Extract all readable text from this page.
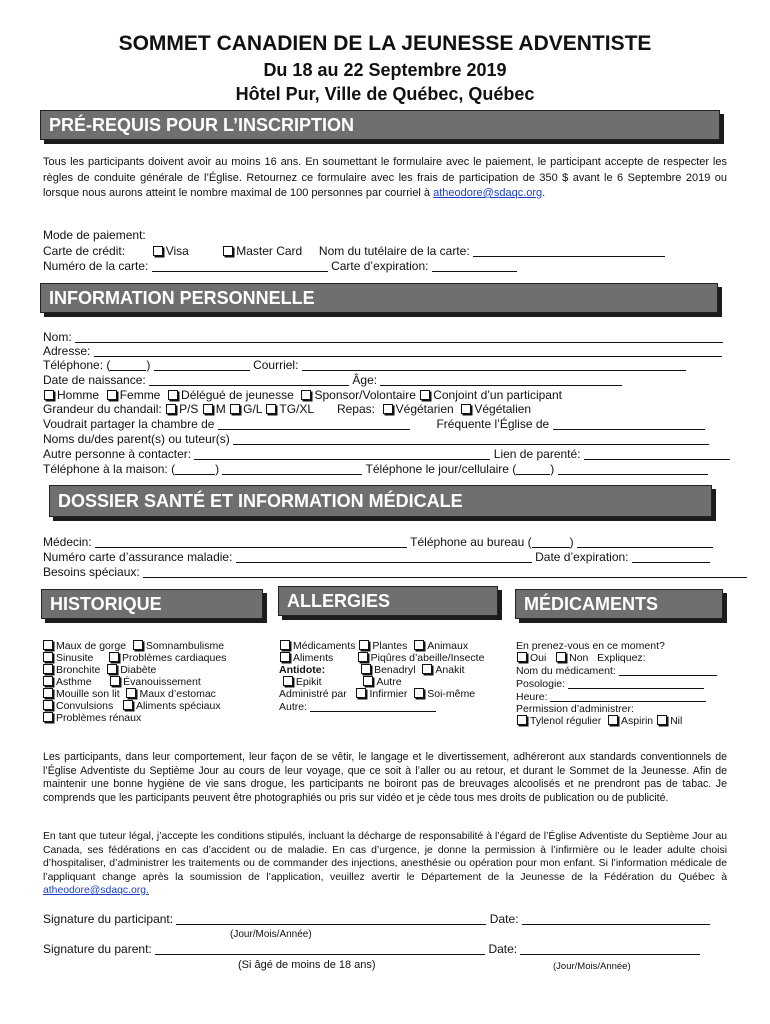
SOMMET CANADIEN DE LA JEUNESSE ADVENTISTE
Du 18 au 22 Septembre 2019
Hôtel Pur, Ville de Québec, Québec
PRÉ-REQUIS POUR L’INSCRIPTION
Tous les participants doivent avoir au moins 16 ans. En soumettant le formulaire avec le paiement, le participant accepte de respecter les règles de conduite générale de l’Église. Retournez ce formulaire avec les frais de participation de 350 $ avant le 6 Septembre 2019 ou lorsque nous aurons atteint le nombre maximal de 100 personnes par courriel à atheodore@sdaqc.org.
Mode de paiement:
Carte de crédit:	Visa	Master Card Nom du tutélaire de la carte:
Numéro de la carte:	Carte d’expiration:
INFORMATION PERSONNELLE
Nom:
Adresse:
Téléphone: (	)	Courriel:
Date de naissance:	Âge:
Homme Femme Délégué de jeunesse Sponsor/Volontaire Conjoint d’un participant
Grandeur du chandail: P/S M G/L TG/XL Repas: Végétarien Végétalien
Voudrait partager la chambre de	Fréquente l’Église de
Noms du/des parent(s) ou tuteur(s)
Autre personne à contacter:	Lien de parenté:
Téléphone à la maison: (	)	Téléphone le jour/cellulaire (	)
DOSSIER SANTÉ ET INFORMATION MÉDICALE
Médecin:	Téléphone au bureau (	)
Numéro carte d’assurance maladie:	Date d’expiration:
Besoins spéciaux:
HISTORIQUE	ALLERGIES	MÉDICAMENTS
Maux de gorge Somnambulisme
Sinusite	Problèmes cardiaques
Bronchite Diabète
Asthme	Évanouissement
Mouille son lit Maux d’estomac
Convulsions Aliments spéciaux
Problèmes rénaux
Médicaments Plantes Animaux
Aliments	Piqûres d’abeille/Insecte
Antidote:	Benadryl Anakit
Epikit	Autre
Administré par Infirmier Soi-même
Autre:
En prenez-vous en ce moment?
Oui Non Expliquez:
Nom du médicament:
Posologie:
Heure:
Permission d’administrer:
Tylenol régulier Aspirin Nil
Les participants, dans leur comportement, leur façon de se vêtir, le langage et le divertissement, adhéreront aux standards conventionnels de l’Église Adventiste du Septième Jour au cours de leur voyage, que ce soit à l’aller ou au retour, et durant le Sommet de la Jeunesse. Afin de maintenir une bonne hygiène de vie sans drogue, les participants ne boiront pas de breuvages alcoolisés et ne prendront pas de tabac. Je comprends que les participants peuvent être photographiés ou pris sur vidéo et je cède tous mes droits de publication ou de publicité.
En tant que tuteur légal, j’accepte les conditions stipulés, incluant la décharge de responsabilité à l’égard de l’Église Adventiste du Septième Jour au Canada, ses fédérations en cas d’accident ou de maladie. En cas d’urgence, je donne la permission à l’infirmière ou le leader adulte choisi d’hospitaliser, d’administrer les traitements ou de commander des injections, anesthésie ou opération pour mon enfant. Si l’information médicale de l’appliquant change après la soumission de l’application, veuillez avertir le Département de la Jeunesse de la Fédération du Québec à atheodore@sdaqc.org.
Signature du participant:	Date:
(Jour/Mois/Année)
Signature du parent:	Date:
(Si âgé de moins de 18 ans)	(Jour/Mois/Année)
